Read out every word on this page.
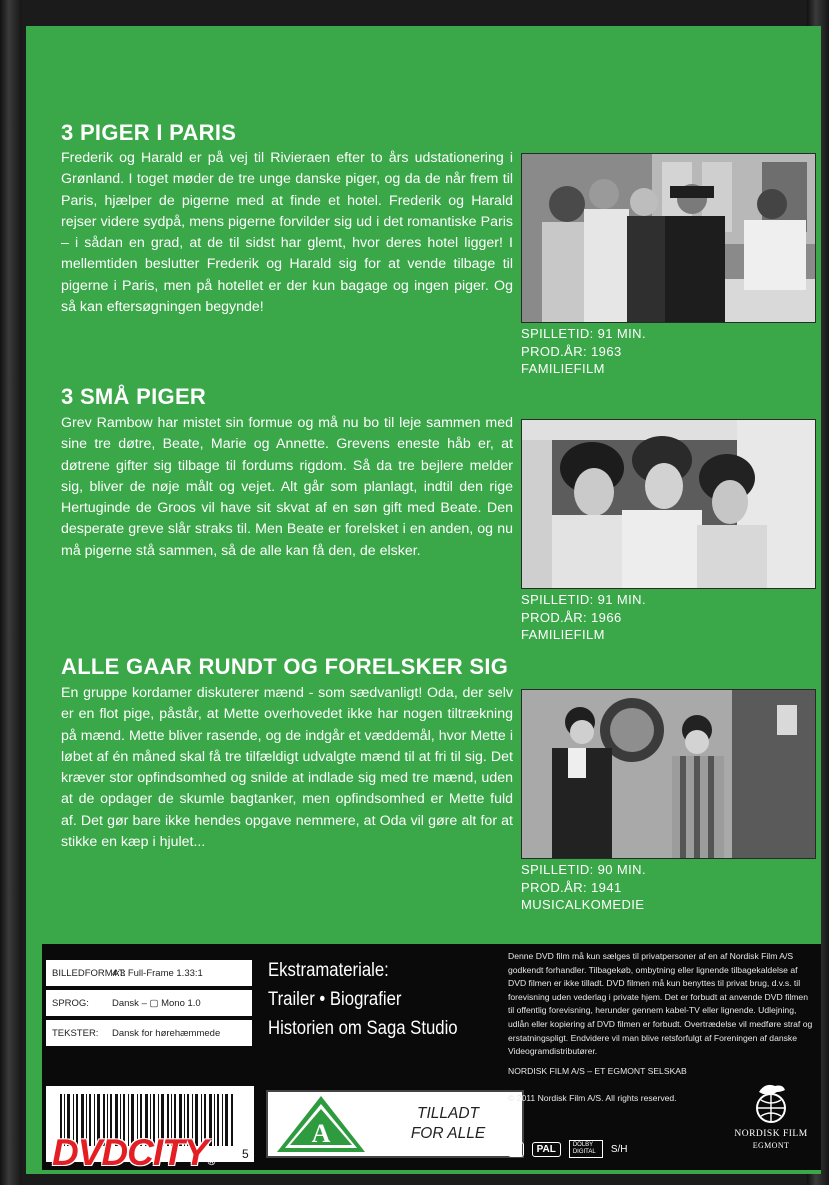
3 PIGER I PARIS

Frederik og Harald er på vej til Rivieraen efter to års udstationering i Grønland. I toget møder de tre unge danske piger, og da de når frem til Paris, hjælper de pigerne med at finde et hotel. Frederik og Harald rejser videre sydpå, mens pigerne forvilder sig ud i det romantiske Paris – i sådan en grad, at de til sidst har glemt, hvor deres hotel ligger! I mellemtiden beslutter Frederik og Harald sig for at vende tilbage til pigerne i Paris, men på hotellet er der kun bagage og ingen piger. Og så kan eftersøgningen begynde!

SPILLETID: 91 MIN.
PROD.ÅR: 1963
FAMILIEFILM
3 SMÅ PIGER

Grev Rambow har mistet sin formue og må nu bo til leje sammen med sine tre døtre, Beate, Marie og Annette. Grevens eneste håb er, at døtrene gifter sig tilbage til fordums rigdom. Så da tre bejlere melder sig, bliver de nøje målt og vejet. Alt går som planlagt, indtil den rige Hertuginde de Groos vil have sit skvat af en søn gift med Beate. Den desperate greve slår straks til. Men Beate er forelsket i en anden, og nu må pigerne stå sammen, så de alle kan få den, de elsker.

SPILLETID: 91 MIN.
PROD.ÅR: 1966
FAMILIEFILM
ALLE GAAR RUNDT OG FORELSKER SIG

En gruppe kordamer diskuterer mænd - som sædvanligt! Oda, der selv er en flot pige, påstår, at Mette overhovedet ikke har nogen tiltrækning på mænd. Mette bliver rasende, og de indgår et væddemål, hvor Mette i løbet af én måned skal få tre tilfældigt udvalgte mænd til at fri til sig. Det kræver stor opfindsomhed og snilde at indlade sig med tre mænd, uden at de opdager de skumle bagtanker, men opfindsomhed er Mette fuld af. Det gør bare ikke hendes opgave nemmere, at Oda vil gøre alt for at stikke en kæp i hjulet...

SPILLETID: 90 MIN.
PROD.ÅR: 1941
MUSICALKOMEDIE
BILLEDFORMAT:
4:3 Full-Frame 1.33:1
SPROG:	Dansk – ▢ Mono 1.0
TEKSTER:	Dansk for hørehæmmede
5
DVDCITY®
Ekstramateriale:
Trailer • Biografier
Historien om Saga Studio
A
TILLADT
FOR ALLE

Denne DVD film må kun sælges til privatpersoner af en af Nordisk Film A/S godkendt forhandler. Tilbagekøb, ombytning eller lignende tilbagekaldelse af DVD filmen er ikke tilladt. DVD filmen må kun benyttes til privat brug, d.v.s. til forevisning uden vederlag i private hjem. Det er forbudt at anvende DVD filmen til offentlig forevisning, herunder gennem kabel-TV eller lignende. Udlejning, udlån eller kopiering af DVD filmen er forbudt. Overtrædelse vil medføre straf og erstatningspligt. Endvidere vil man blive retsforfulgt af Foreningen af danske Videogramdistributører.

NORDISK FILM A/S – ET EGMONT SELSKAB

© 2011 Nordisk Film A/S. All rights reserved.

2	PAL	DOLBY DIGITAL	S/H
NORDISK FILM
EGMONT
